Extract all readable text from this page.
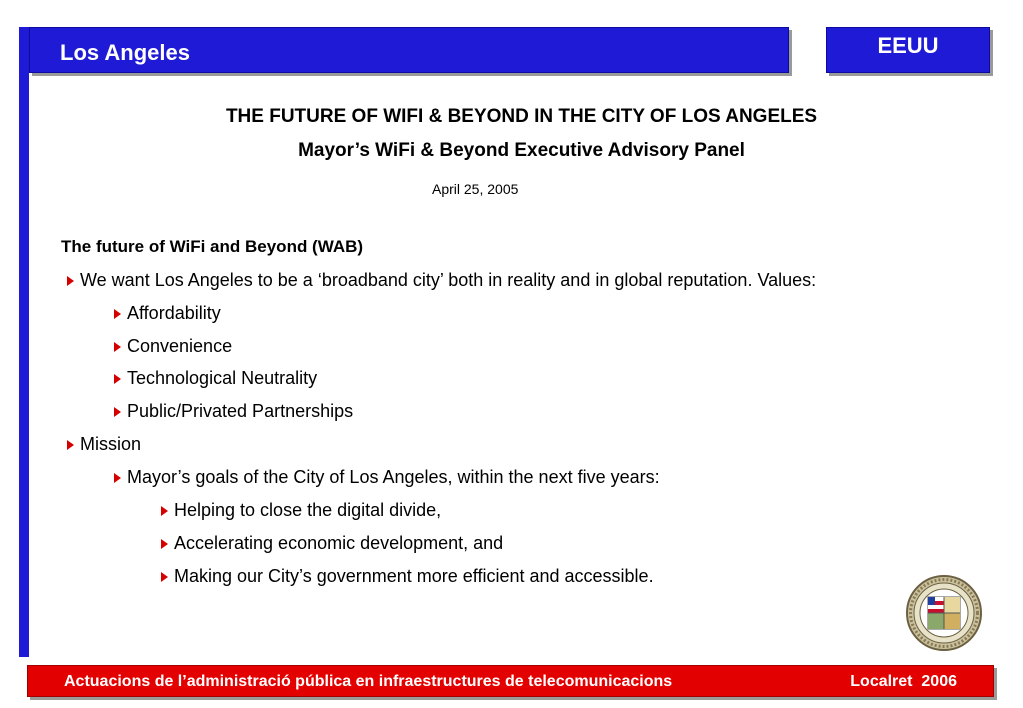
Los Angeles	EEUU
THE FUTURE OF WIFI & BEYOND IN THE CITY OF LOS ANGELES
Mayor’s WiFi & Beyond Executive Advisory Panel
April 25, 2005
The future of WiFi and Beyond (WAB)
We want Los Angeles to be a ‘broadband city’ both in reality and in global reputation. Values:
Affordability
Convenience
Technological Neutrality
Public/Privated Partnerships
Mission
Mayor’s goals of the City of Los Angeles, within the next five years:
Helping to close the digital divide,
Accelerating economic development, and
Making our City’s government more efficient and accessible.
Actuacions de l’administració pública en infraestructures de telecomunicacions	Localret  2006
